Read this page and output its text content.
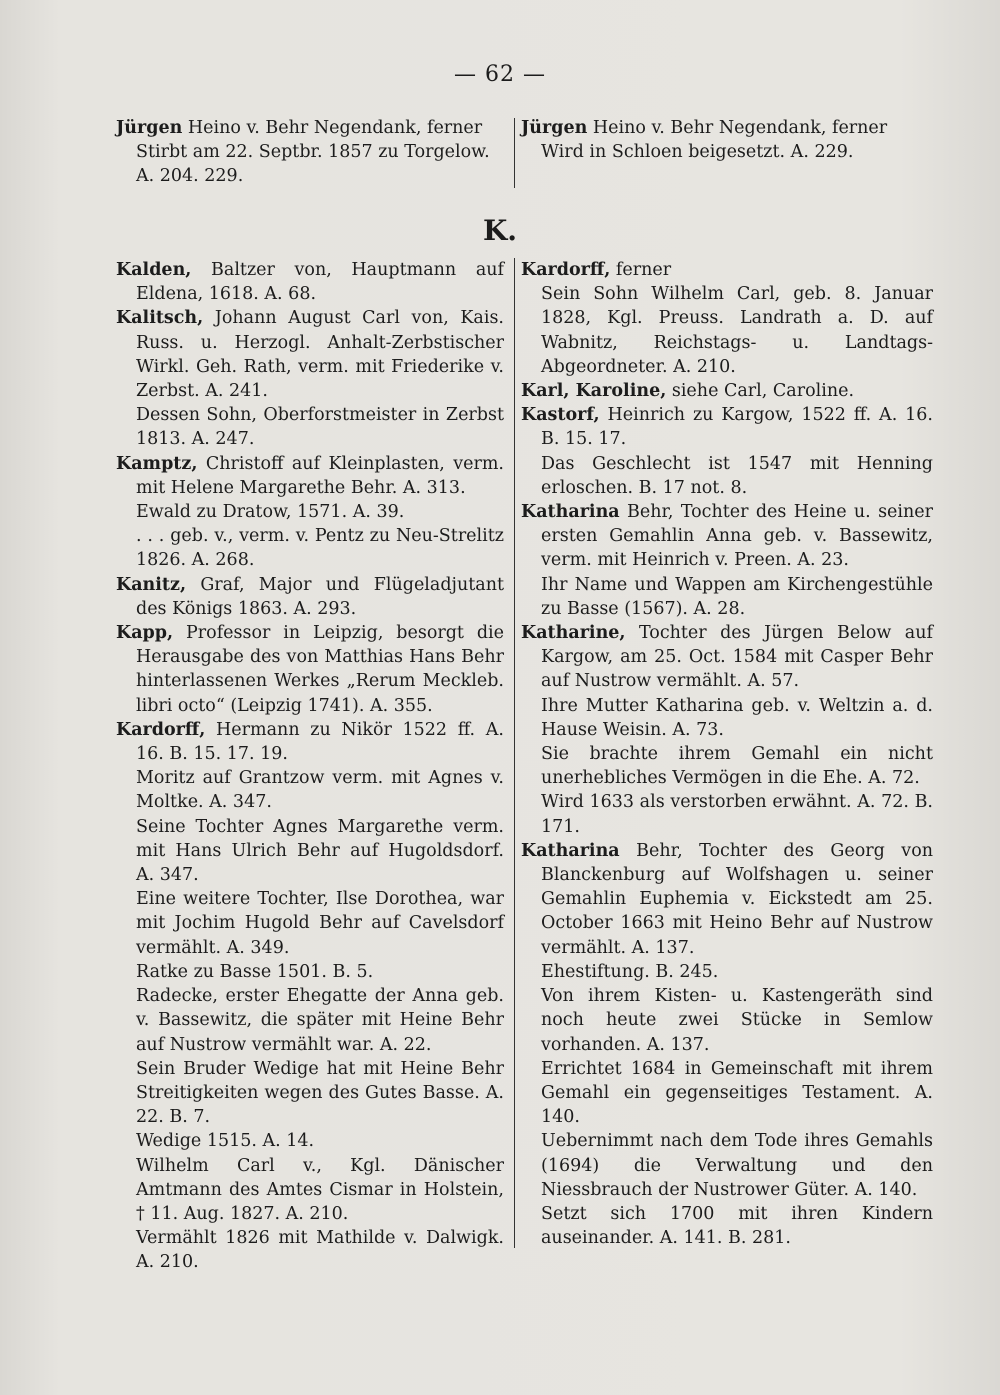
— 62 —

Jürgen Heino v. Behr Negendank, ferner

Stirbt am 22. Septbr. 1857 zu Torgelow.

A. 204. 229.

Jürgen Heino v. Behr Negendank, ferner

Wird in Schloen beigesetzt. A. 229.

K.

Kalden, Baltzer von, Hauptmann auf Eldena, 1618. A. 68.

Kalitsch, Johann August Carl von, Kais. Russ. u. Herzogl. Anhalt-Zerbstischer Wirkl. Geh. Rath, verm. mit Friederike v. Zerbst. A. 241.

Dessen Sohn, Oberforstmeister in Zerbst 1813. A. 247.

Kamptz, Christoff auf Kleinplasten, verm. mit Helene Margarethe Behr. A. 313.

Ewald zu Dratow, 1571. A. 39.

. . . geb. v., verm. v. Pentz zu Neu-Strelitz 1826. A. 268.

Kanitz, Graf, Major und Flügeladjutant des Königs 1863. A. 293.

Kapp, Professor in Leipzig, besorgt die Herausgabe des von Matthias Hans Behr hinterlassenen Werkes „Rerum Meckleb. libri octo“ (Leipzig 1741). A. 355.

Kardorff, Hermann zu Nikör 1522 ff. A. 16. B. 15. 17. 19.

Moritz auf Grantzow verm. mit Agnes v. Moltke. A. 347.

Seine Tochter Agnes Margarethe verm. mit Hans Ulrich Behr auf Hugoldsdorf. A. 347.

Eine weitere Tochter, Ilse Dorothea, war mit Jochim Hugold Behr auf Cavelsdorf vermählt. A. 349.

Ratke zu Basse 1501. B. 5.

Radecke, erster Ehegatte der Anna geb. v. Bassewitz, die später mit Heine Behr auf Nustrow vermählt war. A. 22.

Sein Bruder Wedige hat mit Heine Behr Streitigkeiten wegen des Gutes Basse. A. 22. B. 7.

Wedige 1515. A. 14.

Wilhelm Carl v., Kgl. Dänischer Amtmann des Amtes Cismar in Holstein, † 11. Aug. 1827. A. 210.

Vermählt 1826 mit Mathilde v. Dalwigk. A. 210.

Kardorff, ferner

Sein Sohn Wilhelm Carl, geb. 8. Januar 1828, Kgl. Preuss. Landrath a. D. auf Wabnitz, Reichstags- u. Landtags-Abgeordneter. A. 210.

Karl, Karoline, siehe Carl, Caroline.

Kastorf, Heinrich zu Kargow, 1522 ff. A. 16. B. 15. 17.

Das Geschlecht ist 1547 mit Henning erloschen. B. 17 not. 8.

Katharina Behr, Tochter des Heine u. seiner ersten Gemahlin Anna geb. v. Bassewitz, verm. mit Heinrich v. Preen. A. 23.

Ihr Name und Wappen am Kirchengestühle zu Basse (1567). A. 28.

Katharine, Tochter des Jürgen Below auf Kargow, am 25. Oct. 1584 mit Casper Behr auf Nustrow vermählt. A. 57.

Ihre Mutter Katharina geb. v. Weltzin a. d. Hause Weisin. A. 73.

Sie brachte ihrem Gemahl ein nicht unerhebliches Vermögen in die Ehe. A. 72.

Wird 1633 als verstorben erwähnt. A. 72. B. 171.

Katharina Behr, Tochter des Georg von Blanckenburg auf Wolfshagen u. seiner Gemahlin Euphemia v. Eickstedt am 25. October 1663 mit Heino Behr auf Nustrow vermählt. A. 137.

Ehestiftung. B. 245.

Von ihrem Kisten- u. Kastengeräth sind noch heute zwei Stücke in Semlow vorhanden. A. 137.

Errichtet 1684 in Gemeinschaft mit ihrem Gemahl ein gegenseitiges Testament. A. 140.

Uebernimmt nach dem Tode ihres Gemahls (1694) die Verwaltung und den Niessbrauch der Nustrower Güter. A. 140.

Setzt sich 1700 mit ihren Kindern auseinander. A. 141. B. 281.
